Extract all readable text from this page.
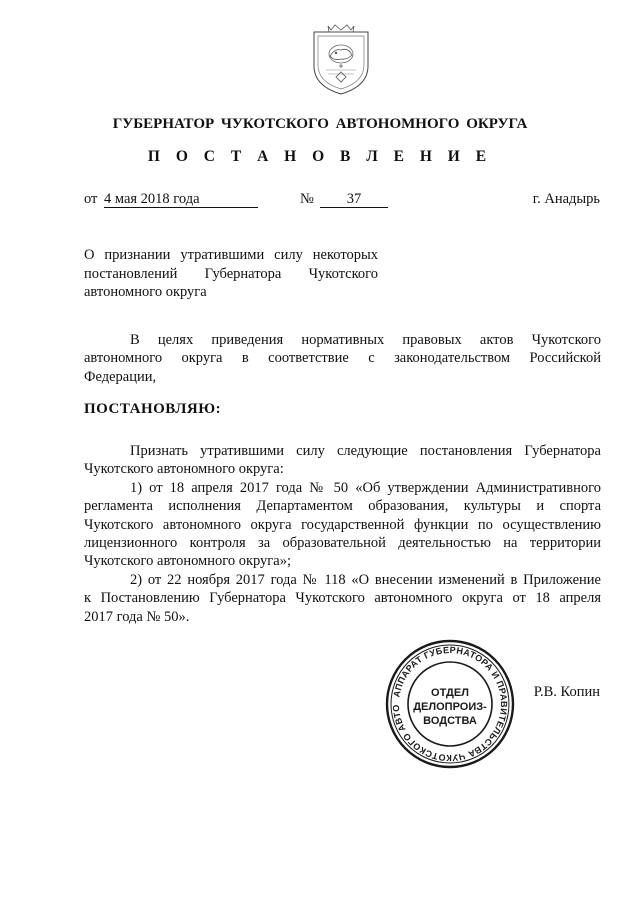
ГУБЕРНАТОР ЧУКОТСКОГО АВТОНОМНОГО ОКРУГА
П О С Т А Н О В Л Е Н И Е
от 4 мая 2018 года	№	37	г. Анадырь
О признании утратившими силу некоторых
постановлений Губернатора Чукотского
автономного округа
В целях приведения нормативных правовых актов Чукотского
автономного округа в соответствие с законодательством Российской
Федерации,
ПОСТАНОВЛЯЮ:
Признать утратившими силу следующие постановления Губернатора
Чукотского автономного округа:
1) от 18 апреля 2017 года № 50 «Об утверждении Административного
регламента исполнения Департаментом образования, культуры и спорта
Чукотского автономного округа государственной функции по осуществлению
лицензионного контроля за образовательной деятельностью на территории
Чукотского автономного округа»;
2) от 22 ноября 2017 года № 118 «О внесении изменений в Приложение
к Постановлению Губернатора Чукотского автономного округа от 18 апреля
2017 года № 50».
АППАРАТ ГУБЕРНАТОРА И ПРАВИТЕЛЬСТВА ЧУКОТСКОГО АВТО
ОТДЕЛ
ДЕЛОПРОИЗ-
ВОДСТВА
Р.В. Копин
